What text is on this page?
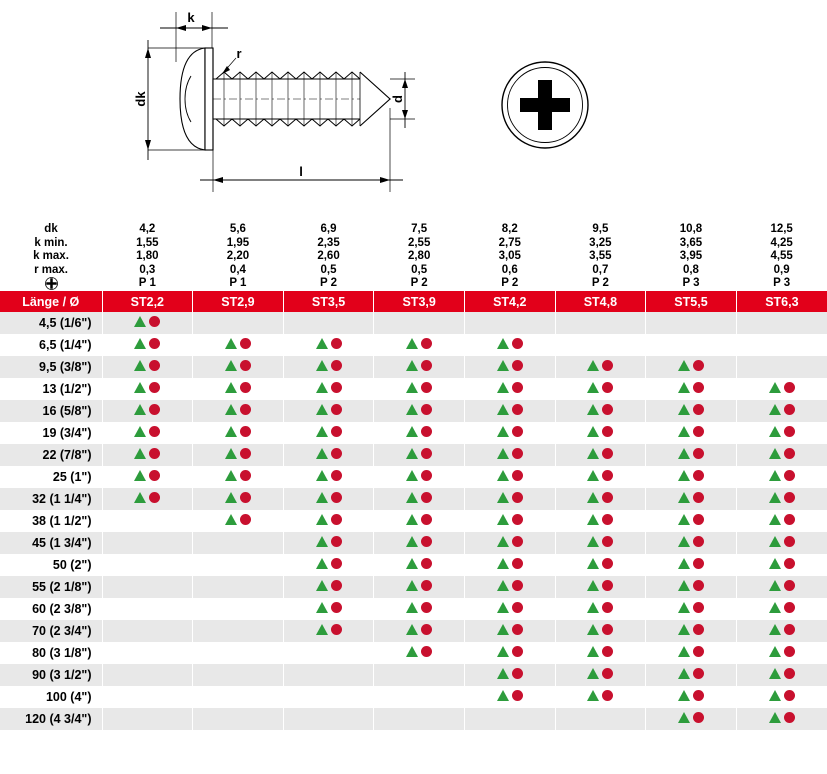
k
r
dk	d
l
dk	4,2	5,6	6,9	7,5	8,2	9,5	10,8	12,5
k min.	1,55	1,95	2,35	2,55	2,75	3,25	3,65	4,25
k max.	1,80	2,20	2,60	2,80	3,05	3,55	3,95	4,55
r max.	0,3	0,4	0,5	0,5	0,6	0,7	0,8	0,9
	P 1	P 1	P 2	P 2	P 2	P 2	P 3	P 3
Länge / Ø	ST2,2	ST2,9	ST3,5	ST3,9	ST4,2	ST4,8	ST5,5	ST6,3
4,5 (1/6")	

6,5 (1/4")	

9,5 (3/8")	

13 (1/2")	

16 (5/8")	

19 (3/4")	

22 (7/8")	

25 (1")	

32 (1 1/4")	

38 (1 1/2")		

45 (1 3/4")			

50 (2")			

55 (2 1/8")			

60 (2 3/8")			

70 (2 3/4")			

80 (3 1/8")				

90 (3 1/2")					

100 (4")					

120 (4 3/4")							
